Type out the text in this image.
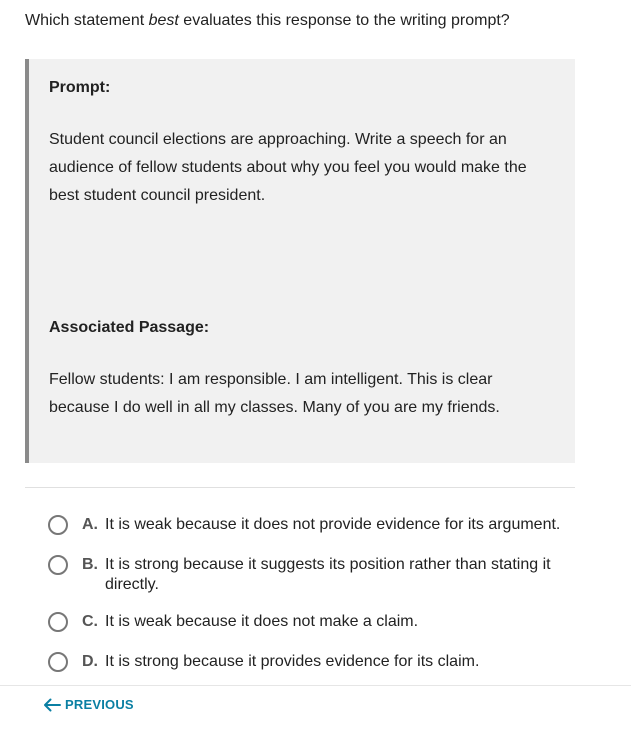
Which statement best evaluates this response to the writing prompt?
Prompt:
Student council elections are approaching. Write a speech for an audience of fellow students about why you feel you would make the best student council president.
Associated Passage:
Fellow students: I am responsible. I am intelligent. This is clear because I do well in all my classes. Many of you are my friends.
A. It is weak because it does not provide evidence for its argument.
B. It is strong because it suggests its position rather than stating it directly.
C. It is weak because it does not make a claim.
D. It is strong because it provides evidence for its claim.
PREVIOUS
